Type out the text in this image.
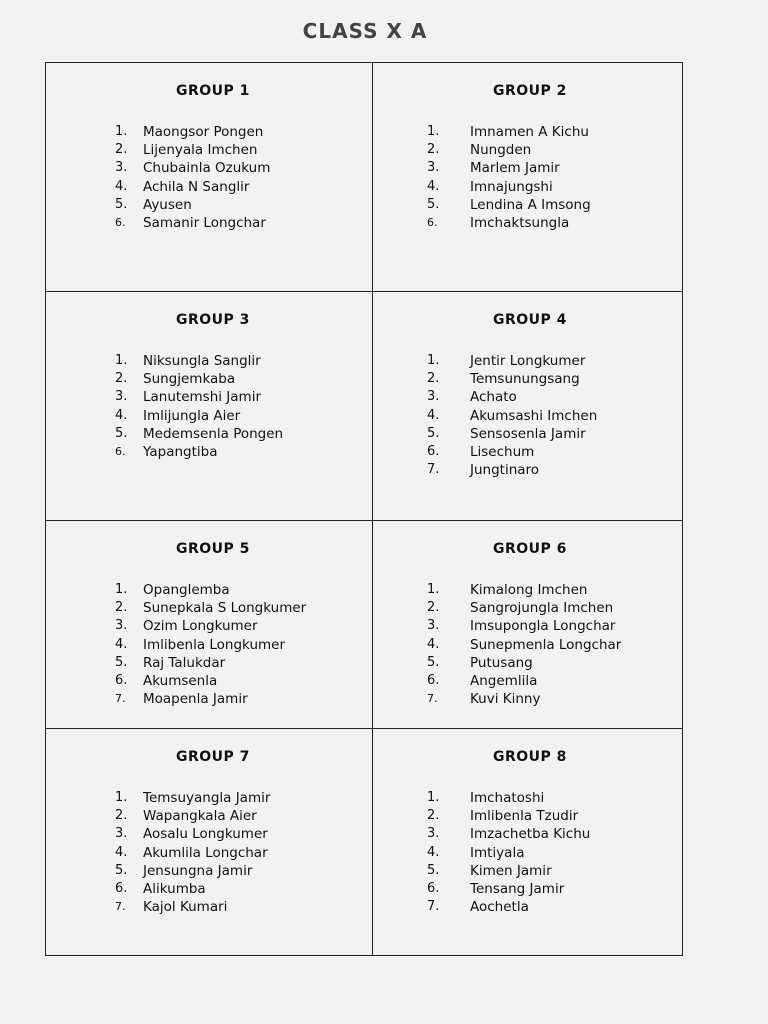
CLASS X A
GROUP 1
1.	Maongsor Pongen
2.	Lijenyala Imchen
3.	Chubainla Ozukum
4.	Achila N Sanglir
5.	Ayusen
6.	Samanir Longchar
GROUP 2
1.	Imnamen A Kichu
2.	Nungden
3.	Marlem Jamir
4.	Imnajungshi
5.	Lendina A Imsong
6.	Imchaktsungla
GROUP 3
1.	Niksungla Sanglir
2.	Sungjemkaba
3.	Lanutemshi Jamir
4.	Imlijungla Aier
5.	Medemsenla Pongen
6.	Yapangtiba
GROUP 4
1.	Jentir Longkumer
2.	Temsunungsang
3.	Achato
4.	Akumsashi Imchen
5.	Sensosenla Jamir
6.	Lisechum
7.	Jungtinaro
GROUP 5
1.	Opanglemba
2.	Sunepkala S Longkumer
3.	Ozim Longkumer
4.	Imlibenla Longkumer
5.	Raj Talukdar
6.	Akumsenla
7.	Moapenla Jamir
GROUP 6
1.	Kimalong Imchen
2.	Sangrojungla Imchen
3.	Imsupongla Longchar
4.	Sunepmenla Longchar
5.	Putusang
6.	Angemlila
7.	Kuvi Kinny
GROUP 7
1.	Temsuyangla Jamir
2.	Wapangkala Aier
3.	Aosalu Longkumer
4.	Akumlila Longchar
5.	Jensungna Jamir
6.	Alikumba
7.	Kajol Kumari
GROUP 8
1.	Imchatoshi
2.	Imlibenla Tzudir
3.	Imzachetba Kichu
4.	Imtiyala
5.	Kimen Jamir
6.	Tensang Jamir
7.	Aochetla
